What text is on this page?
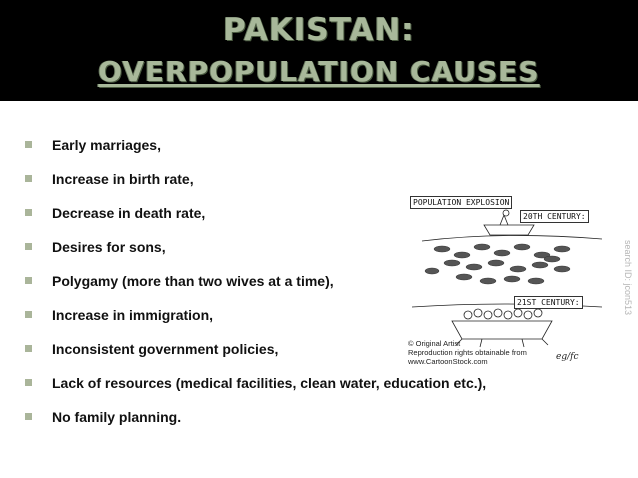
PAKISTAN:
OVERPOPULATION CAUSES
Early marriages,
Increase in birth rate,
Decrease in death rate,
Desires for sons,
Polygamy (more than two wives at a time),
Increase in immigration,
Inconsistent government policies,
Lack of resources (medical facilities, clean water, education etc.),
No family planning.
POPULATION EXPLOSION
20TH CENTURY:
21ST CENTURY:
© Original Artist
Reproduction rights obtainable from
www.CartoonStock.com	eg/fc
search ID: jcon513
